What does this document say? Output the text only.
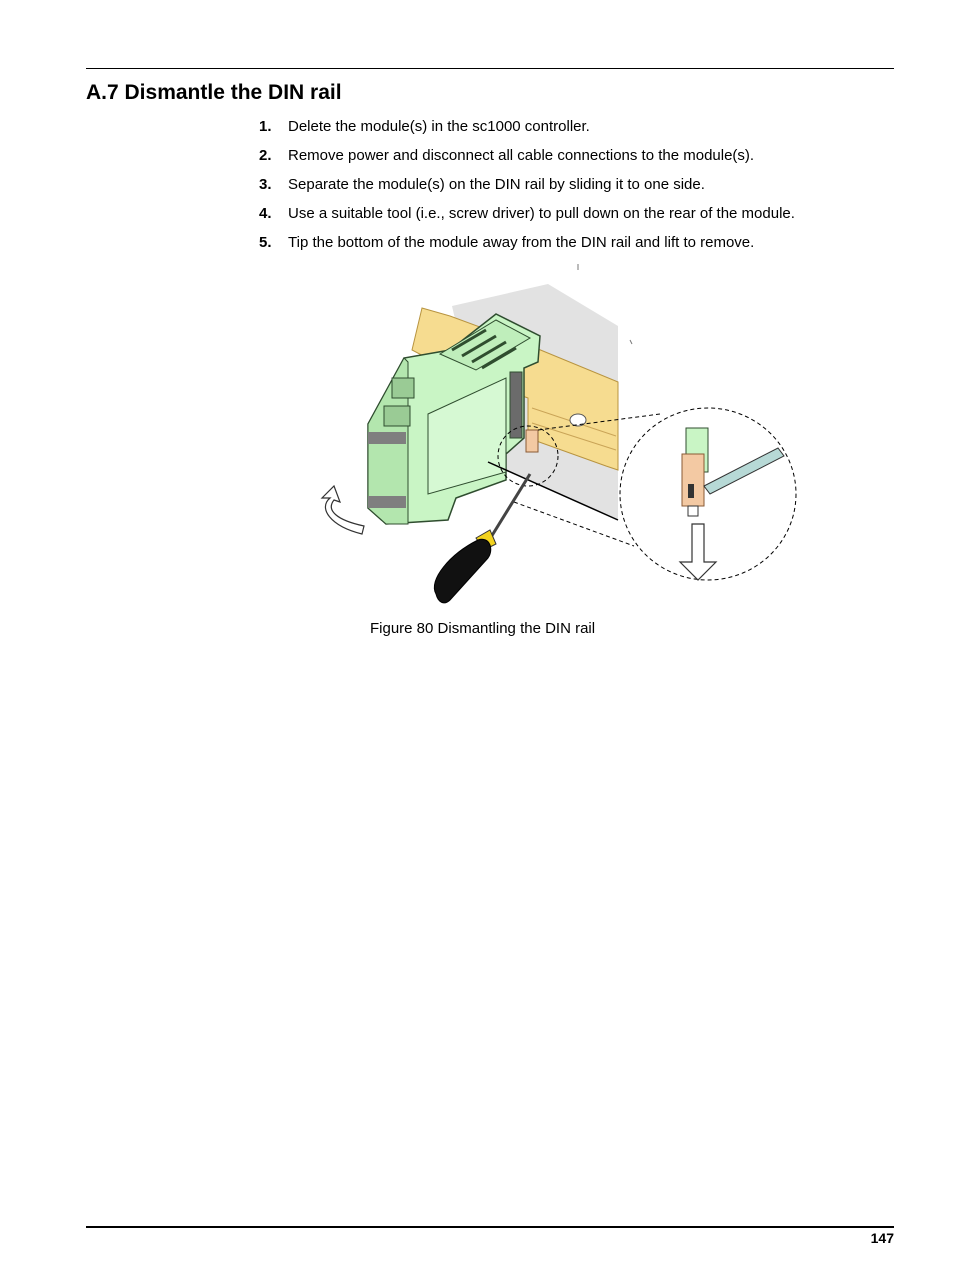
A.7 Dismantle the DIN rail
1. Delete the module(s) in the sc1000 controller.
2. Remove power and disconnect all cable connections to the module(s).
3. Separate the module(s) on the DIN rail by sliding it to one side.
4. Use a suitable tool (i.e., screw driver) to pull down on the rear of the module.
5. Tip the bottom of the module away from the DIN rail and lift to remove.
Figure 80 Dismantling the DIN rail
147
